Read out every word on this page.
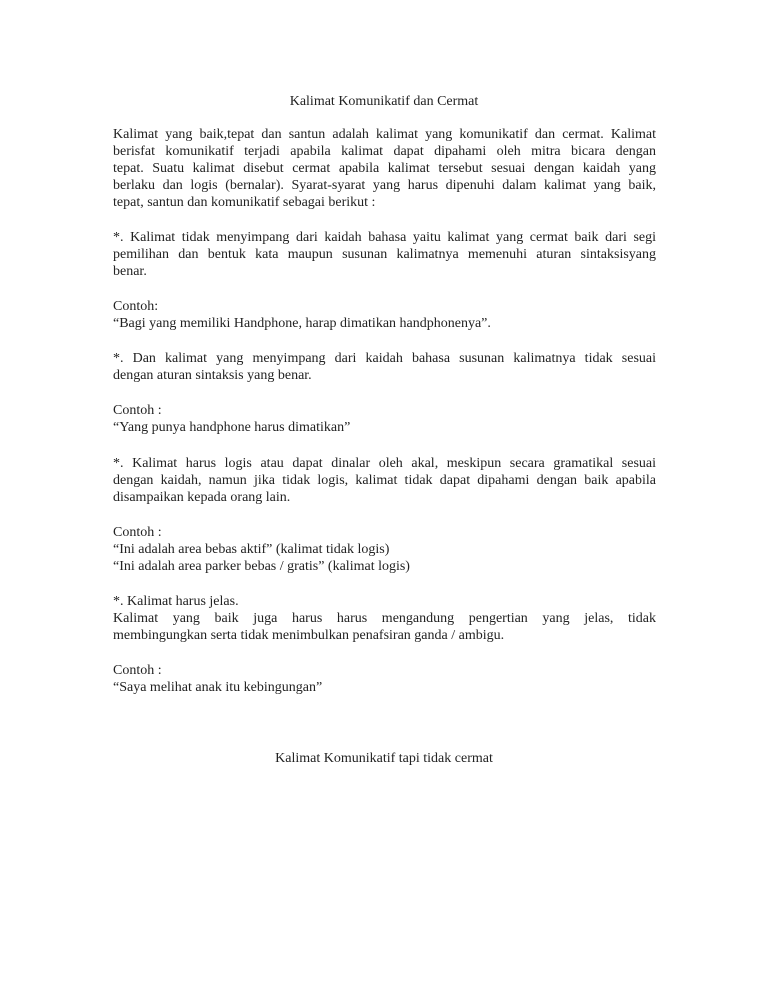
Kalimat Komunikatif dan Cermat
Kalimat yang baik,tepat dan santun adalah kalimat yang komunikatif dan cermat. Kalimat
berisfat komunikatif terjadi apabila kalimat dapat dipahami oleh mitra bicara dengan
tepat. Suatu kalimat disebut cermat apabila kalimat tersebut sesuai dengan kaidah yang
berlaku dan logis (bernalar). Syarat-syarat yang harus dipenuhi dalam kalimat yang baik,
tepat, santun dan komunikatif sebagai berikut :
*. Kalimat tidak menyimpang dari kaidah bahasa yaitu kalimat yang cermat baik dari segi
pemilihan dan bentuk kata maupun susunan kalimatnya memenuhi aturan sintaksisyang
benar.
Contoh:
“Bagi yang memiliki Handphone, harap dimatikan handphonenya”.
*. Dan kalimat yang menyimpang dari kaidah bahasa susunan kalimatnya tidak sesuai
dengan aturan sintaksis yang benar.
Contoh :
“Yang punya handphone harus dimatikan”
*. Kalimat harus logis atau dapat dinalar oleh akal, meskipun secara gramatikal sesuai
dengan kaidah, namun jika tidak logis, kalimat tidak dapat dipahami dengan baik apabila
disampaikan kepada orang lain.
Contoh :
“Ini adalah area bebas aktif” (kalimat tidak logis)
“Ini adalah area parker bebas / gratis” (kalimat logis)
*. Kalimat harus jelas.
Kalimat yang baik juga harus harus mengandung pengertian yang jelas, tidak
membingungkan serta tidak menimbulkan penafsiran ganda / ambigu.
Contoh :
“Saya melihat anak itu kebingungan”
Kalimat Komunikatif tapi tidak cermat
